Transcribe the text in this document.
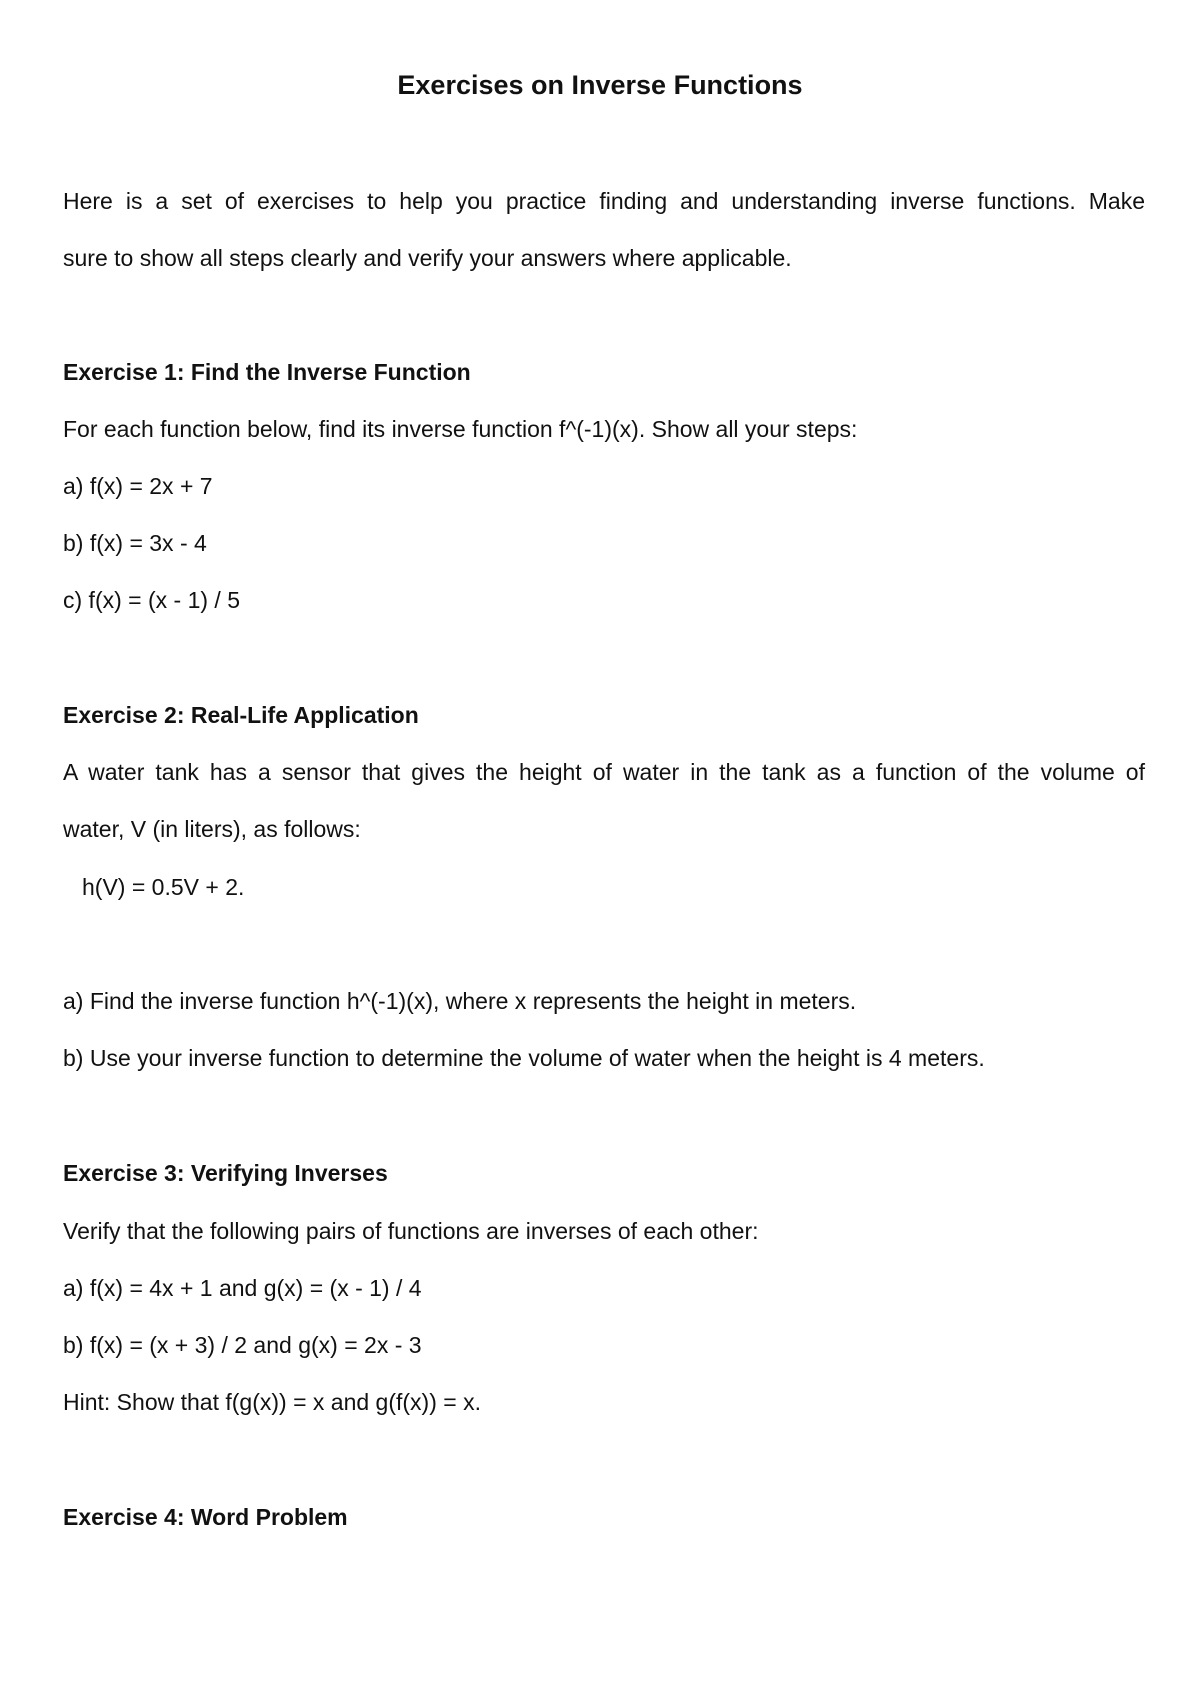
Exercises on Inverse Functions
Here is a set of exercises to help you practice finding and understanding inverse functions. Make
sure to show all steps clearly and verify your answers where applicable.
Exercise 1: Find the Inverse Function
For each function below, find its inverse function f^(-1)(x). Show all your steps:
a) f(x) = 2x + 7
b) f(x) = 3x - 4
c) f(x) = (x - 1) / 5
Exercise 2: Real-Life Application
A water tank has a sensor that gives the height of water in the tank as a function of the volume of
water, V (in liters), as follows:
h(V) = 0.5V + 2.
a) Find the inverse function h^(-1)(x), where x represents the height in meters.
b) Use your inverse function to determine the volume of water when the height is 4 meters.
Exercise 3: Verifying Inverses
Verify that the following pairs of functions are inverses of each other:
a) f(x) = 4x + 1 and g(x) = (x - 1) / 4
b) f(x) = (x + 3) / 2 and g(x) = 2x - 3
Hint: Show that f(g(x)) = x and g(f(x)) = x.
Exercise 4: Word Problem
